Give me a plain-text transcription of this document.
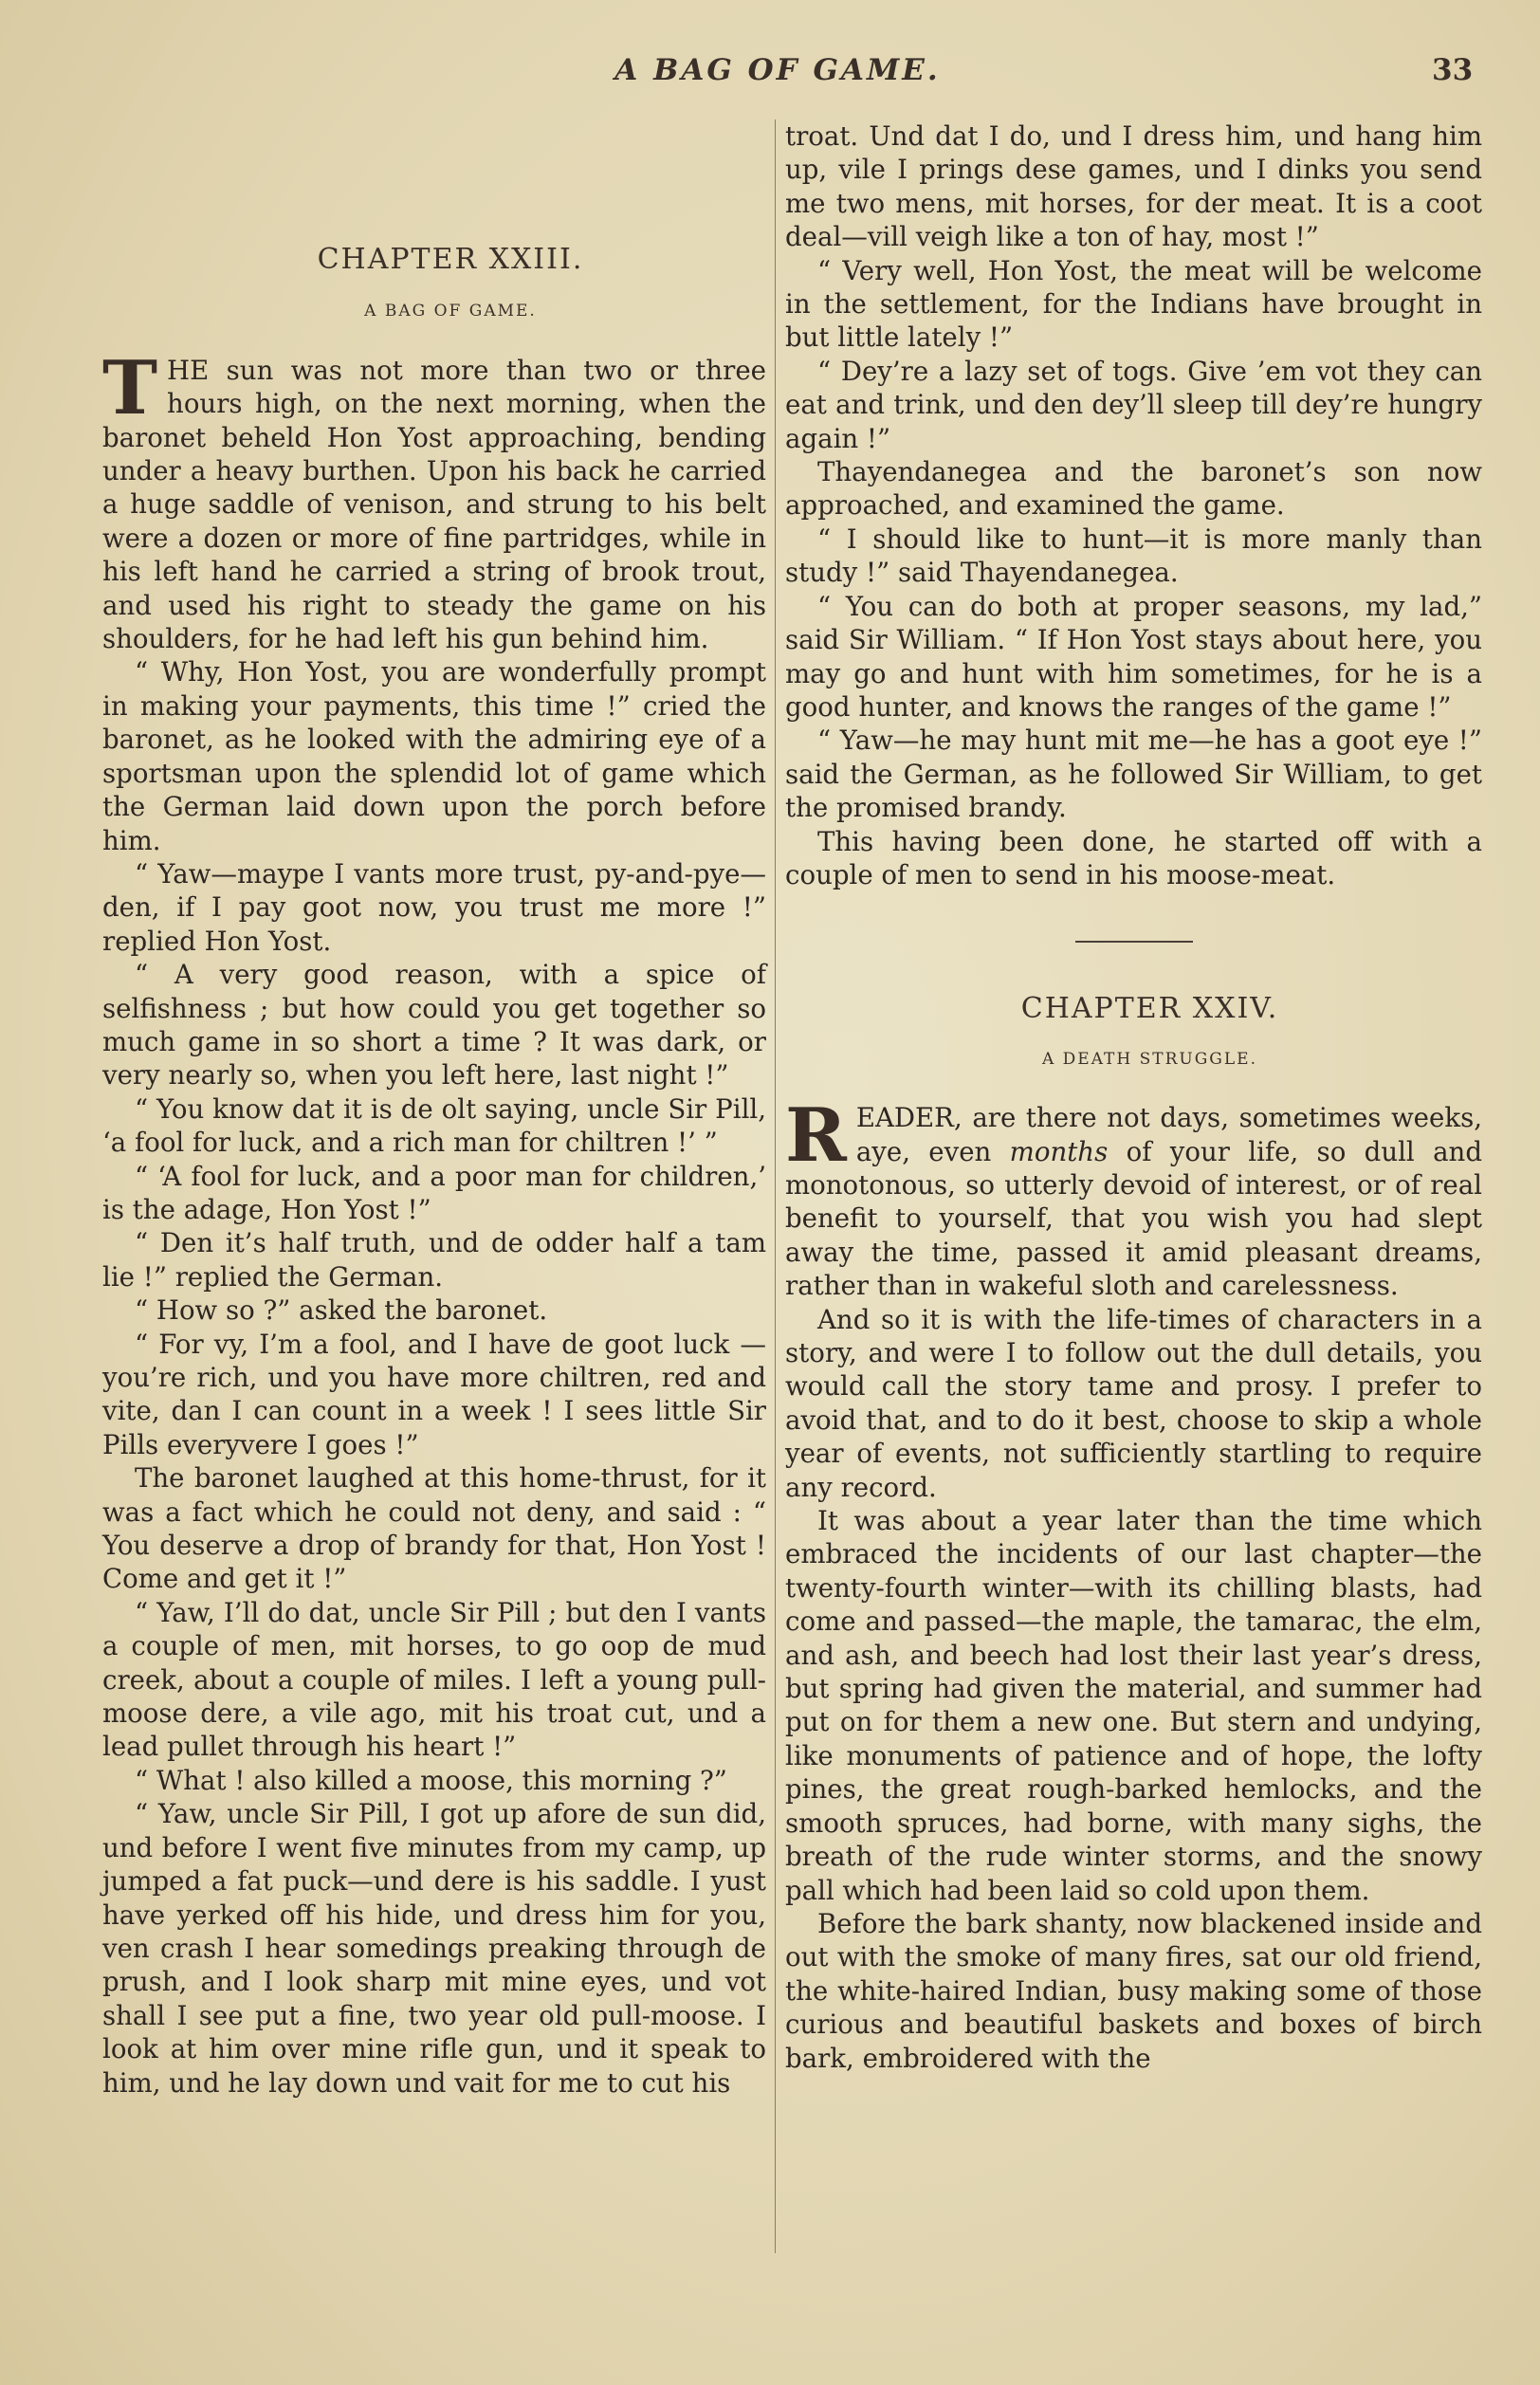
A BAG OF GAME.	33

CHAPTER XXIII.

A BAG OF GAME.

THE sun was not more than two or three hours high, on the next morning, when the baronet beheld Hon Yost approaching, bending under a heavy burthen. Upon his back he carried a huge saddle of venison, and strung to his belt were a dozen or more of fine partridges, while in his left hand he carried a string of brook trout, and used his right to steady the game on his shoulders, for he had left his gun behind him.

“ Why, Hon Yost, you are wonderfully prompt in making your payments, this time !” cried the baronet, as he looked with the admiring eye of a sportsman upon the splendid lot of game which the German laid down upon the porch before him.

“ Yaw—maype I vants more trust, py-and-pye—den, if I pay goot now, you trust me more !” replied Hon Yost.

“ A very good reason, with a spice of selfishness ; but how could you get together so much game in so short a time ? It was dark, or very nearly so, when you left here, last night !”

“ You know dat it is de olt saying, uncle Sir Pill, ‘a fool for luck, and a rich man for chiltren !’ ”

“ ‘A fool for luck, and a poor man for children,’ is the adage, Hon Yost !”

“ Den it’s half truth, und de odder half a tam lie !” replied the German.

“ How so ?” asked the baronet.

“ For vy, I’m a fool, and I have de goot luck —you’re rich, und you have more chiltren, red and vite, dan I can count in a week ! I sees little Sir Pills everyvere I goes !”

The baronet laughed at this home-thrust, for it was a fact which he could not deny, and said : “ You deserve a drop of brandy for that, Hon Yost ! Come and get it !”

“ Yaw, I’ll do dat, uncle Sir Pill ; but den I vants a couple of men, mit horses, to go oop de mud creek, about a couple of miles. I left a young pull-moose dere, a vile ago, mit his troat cut, und a lead pullet through his heart !”

“ What ! also killed a moose, this morning ?”

“ Yaw, uncle Sir Pill, I got up afore de sun did, und before I went five minutes from my camp, up jumped a fat puck—und dere is his saddle. I yust have yerked off his hide, und dress him for you, ven crash I hear somedings preaking through de prush, and I look sharp mit mine eyes, und vot shall I see put a fine, two year old pull-moose. I look at him over mine rifle gun, und it speak to him, und he lay down und vait for me to cut his

troat. Und dat I do, und I dress him, und hang him up, vile I prings dese games, und I dinks you send me two mens, mit horses, for der meat. It is a coot deal—vill veigh like a ton of hay, most !”

“ Very well, Hon Yost, the meat will be welcome in the settlement, for the Indians have brought in but little lately !”

“ Dey’re a lazy set of togs. Give ’em vot they can eat and trink, und den dey’ll sleep till dey’re hungry again !”

Thayendanegea and the baronet’s son now approached, and examined the game.

“ I should like to hunt—it is more manly than study !” said Thayendanegea.

“ You can do both at proper seasons, my lad,” said Sir William. “ If Hon Yost stays about here, you may go and hunt with him sometimes, for he is a good hunter, and knows the ranges of the game !”

“ Yaw—he may hunt mit me—he has a goot eye !” said the German, as he followed Sir William, to get the promised brandy.

This having been done, he started off with a couple of men to send in his moose-meat.

CHAPTER XXIV.

A DEATH STRUGGLE.

READER, are there not days, sometimes weeks, aye, even months of your life, so dull and monotonous, so utterly devoid of interest, or of real benefit to yourself, that you wish you had slept away the time, passed it amid pleasant dreams, rather than in wakeful sloth and carelessness.

And so it is with the life-times of characters in a story, and were I to follow out the dull details, you would call the story tame and prosy. I prefer to avoid that, and to do it best, choose to skip a whole year of events, not sufficiently startling to require any record.

It was about a year later than the time which embraced the incidents of our last chapter—the twenty-fourth winter—with its chilling blasts, had come and passed—the maple, the tamarac, the elm, and ash, and beech had lost their last year’s dress, but spring had given the material, and summer had put on for them a new one. But stern and undying, like monuments of patience and of hope, the lofty pines, the great rough-barked hemlocks, and the smooth spruces, had borne, with many sighs, the breath of the rude winter storms, and the snowy pall which had been laid so cold upon them.

Before the bark shanty, now blackened inside and out with the smoke of many fires, sat our old friend, the white-haired Indian, busy making some of those curious and beautiful baskets and boxes of birch bark, embroidered with the
